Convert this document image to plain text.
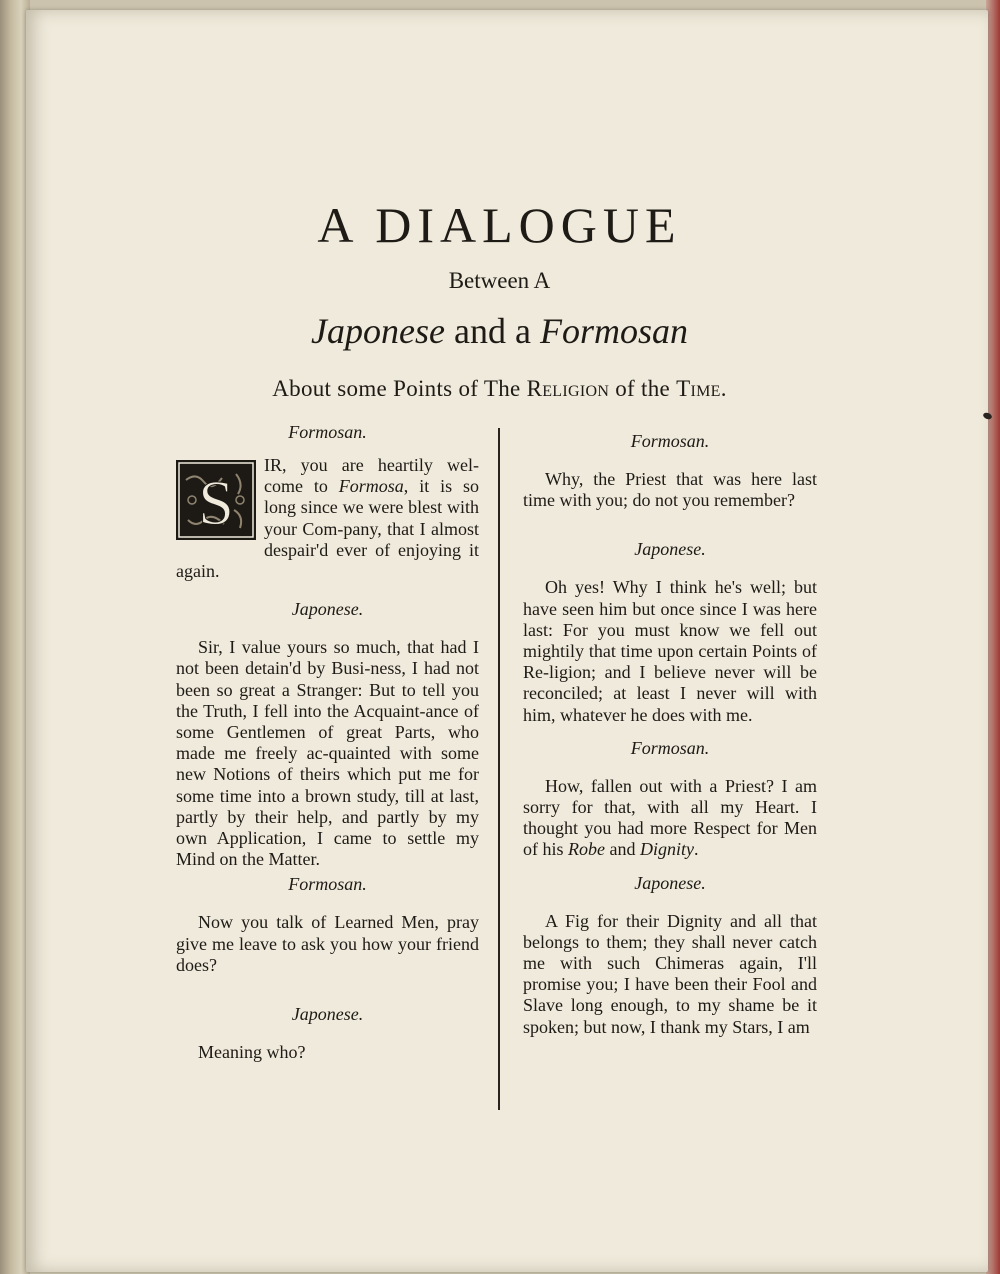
A DIALOGUE
Between A
Japonese and a Formosan
About some Points of The Religion of the Time.
Formosan.

S
IR, you are heartily wel-come to Formosa, it is so long since we were blest with your Com-pany, that I almost despair'd ever of enjoying it again.

Japonese.

Sir, I value yours so much, that had I not been detain'd by Busi-ness, I had not been so great a Stranger: But to tell you the Truth, I fell into the Acquaint-ance of some Gentlemen of great Parts, who made me freely ac-quainted with some new Notions of theirs which put me for some time into a brown study, till at last, partly by their help, and partly by my own Application, I came to settle my Mind on the Matter.

Formosan.

Now you talk of Learned Men, pray give me leave to ask you how your friend does?

Japonese.

Meaning who?

Formosan.

Why, the Priest that was here last time with you; do not you remember?

Japonese.

Oh yes! Why I think he's well; but have seen him but once since I was here last: For you must know we fell out mightily that time upon certain Points of Re-ligion; and I believe never will be reconciled; at least I never will with him, whatever he does with me.

Formosan.

How, fallen out with a Priest? I am sorry for that, with all my Heart. I thought you had more Respect for Men of his Robe and Dignity.

Japonese.

A Fig for their Dignity and all that belongs to them; they shall never catch me with such Chimeras again, I'll promise you; I have been their Fool and Slave long enough, to my shame be it spoken; but now, I thank my Stars, I am
